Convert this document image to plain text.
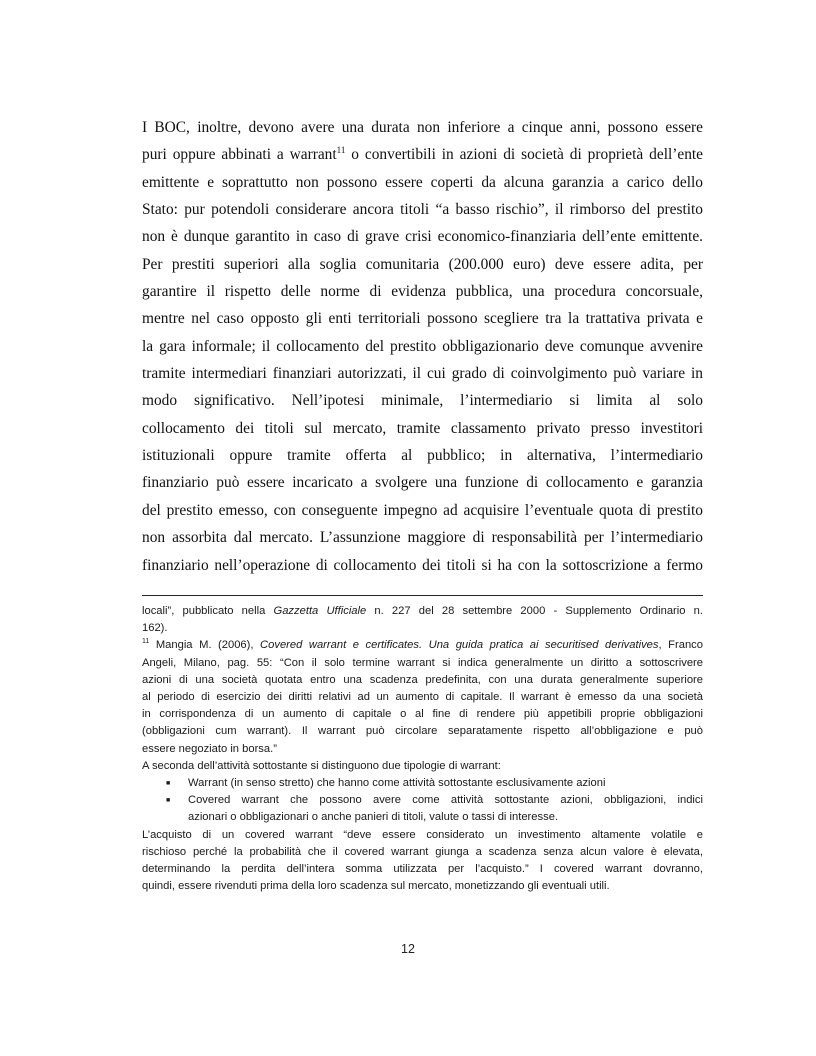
I BOC, inoltre, devono avere una durata non inferiore a cinque anni, possono essere
puri oppure abbinati a warrant$^{11}$ o convertibili in azioni di società di proprietà dell’ente
emittente e soprattutto non possono essere coperti da alcuna garanzia a carico dello
Stato: pur potendoli considerare ancora titoli “a basso rischio”, il rimborso del prestito
non è dunque garantito in caso di grave crisi economico-finanziaria dell’ente emittente.
Per prestiti superiori alla soglia comunitaria (200.000 euro) deve essere adita, per
garantire il rispetto delle norme di evidenza pubblica, una procedura concorsuale,
mentre nel caso opposto gli enti territoriali possono scegliere tra la trattativa privata e
la gara informale; il collocamento del prestito obbligazionario deve comunque avvenire
tramite intermediari finanziari autorizzati, il cui grado di coinvolgimento può variare in
modo significativo. Nell’ipotesi minimale, l’intermediario si limita al solo
collocamento dei titoli sul mercato, tramite classamento privato presso investitori
istituzionali oppure tramite offerta al pubblico; in alternativa, l’intermediario
finanziario può essere incaricato a svolgere una funzione di collocamento e garanzia
del prestito emesso, con conseguente impegno ad acquisire l’eventuale quota di prestito
non assorbita dal mercato. L’assunzione maggiore di responsabilità per l’intermediario
finanziario nell’operazione di collocamento dei titoli si ha con la sottoscrizione a fermo

locali”, pubblicato nella Gazzetta Ufficiale n. 227 del 28 settembre 2000 - Supplemento Ordinario n.
162).

$^{11}$ Mangia M. (2006), Covered warrant e certificates. Una guida pratica ai securitised derivatives, Franco
Angeli, Milano, pag. 55: “Con il solo termine warrant si indica generalmente un diritto a sottoscrivere
azioni di una società quotata entro una scadenza predefinita, con una durata generalmente superiore
al periodo di esercizio dei diritti relativi ad un aumento di capitale. Il warrant è emesso da una società
in corrispondenza di un aumento di capitale o al fine di rendere più appetibili proprie obbligazioni
(obbligazioni cum warrant). Il warrant può circolare separatamente rispetto all’obbligazione e può
essere negoziato in borsa.”

A seconda dell’attività sottostante si distinguono due tipologie di warrant:

■ Warrant (in senso stretto) che hanno come attività sottostante esclusivamente azioni
■ Covered warrant che possono avere come attività sottostante azioni, obbligazioni, indici
azionari o obbligazionari o anche panieri di titoli, valute o tassi di interesse.

L’acquisto di un covered warrant “deve essere considerato un investimento altamente volatile e
rischioso perché la probabilità che il covered warrant giunga a scadenza senza alcun valore è elevata,
determinando la perdita dell’intera somma utilizzata per l’acquisto.” I covered warrant dovranno,
quindi, essere rivenduti prima della loro scadenza sul mercato, monetizzando gli eventuali utili.

12
